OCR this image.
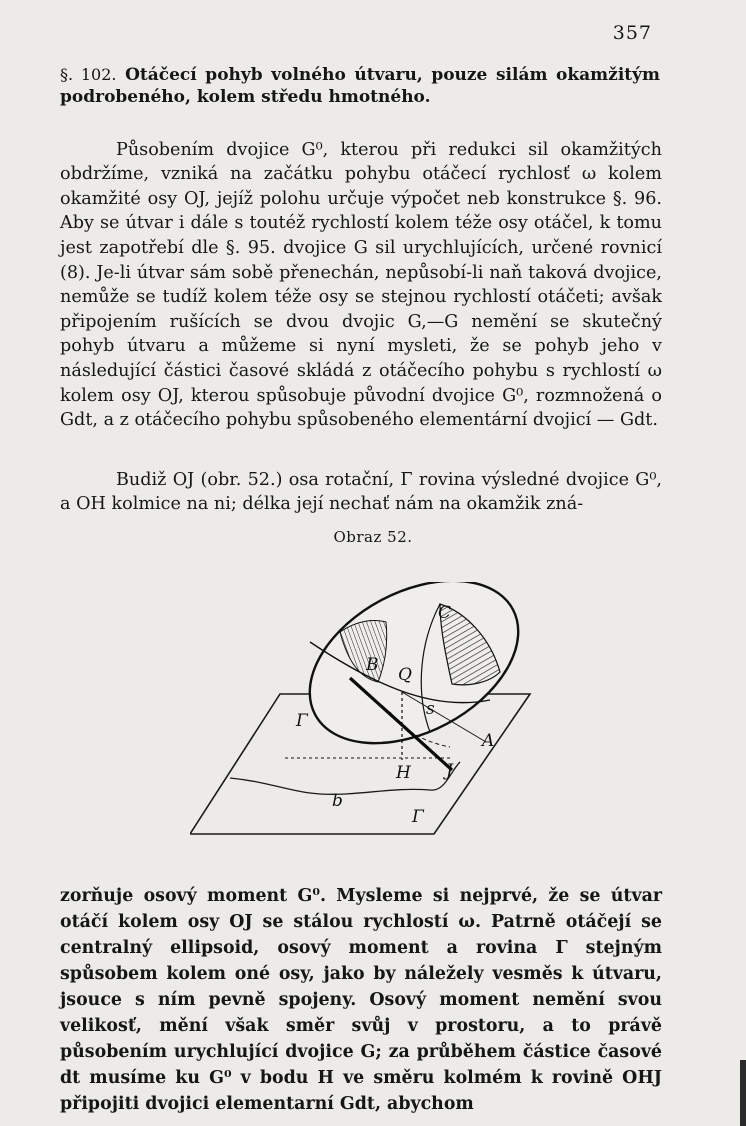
357
§. 102. Otáčecí pohyb volného útvaru, pouze silám okamžitým podrobeného, kolem středu hmotného.

Působením dvojice G⁰, kterou při redukci sil okamžitých obdržíme, vzniká na začátku pohybu otáčecí rychlosť ω kolem okamžité osy OJ, jejíž polohu určuje výpočet neb konstrukce §. 96. Aby se útvar i dále s toutéž rychlostí kolem téže osy otáčel, k tomu jest zapotřebí dle §. 95. dvojice G sil urychlujících, určené rovnicí (8). Je-li útvar sám sobě přenechán, nepůsobí-li naň taková dvojice, nemůže se tudíž kolem téže osy se stejnou rychlostí otáčeti; avšak připojením rušících se dvou dvojic G,—G nemění se skutečný pohyb útvaru a můžeme si nyní mysleti, že se pohyb jeho v následující částici časové skládá z otáčecího pohybu s rychlostí ω kolem osy OJ, kterou spůsobuje původní dvojice G⁰, rozmnožená o Gdt, a z otáčecího pohybu spůsobeného elementární dvojicí — Gdt.

Budiž OJ (obr. 52.) osa rotační, Γ rovina výsledné dvojice G⁰, a OH kolmice na ni; délka její nechať nám na okamžik zná-

Obraz 52.
C
B Q
s
A
H J
b
Γ
Γ

zorňuje osový moment G⁰. Mysleme si nejprvé, že se útvar otáčí kolem osy OJ se stálou rychlostí ω. Patrně otáčejí se centralný ellipsoid, osový moment a rovina Γ stejným spůsobem kolem oné osy, jako by náležely vesměs k útvaru, jsouce s ním pevně spojeny. Osový moment nemění svou velikosť, mění však směr svůj v prostoru, a to právě působením urychlující dvojice G; za průběhem částice časové dt musíme ku G⁰ v bodu H ve směru kolmém k rovině OHJ připojiti dvojici elementarní Gdt, abychom
